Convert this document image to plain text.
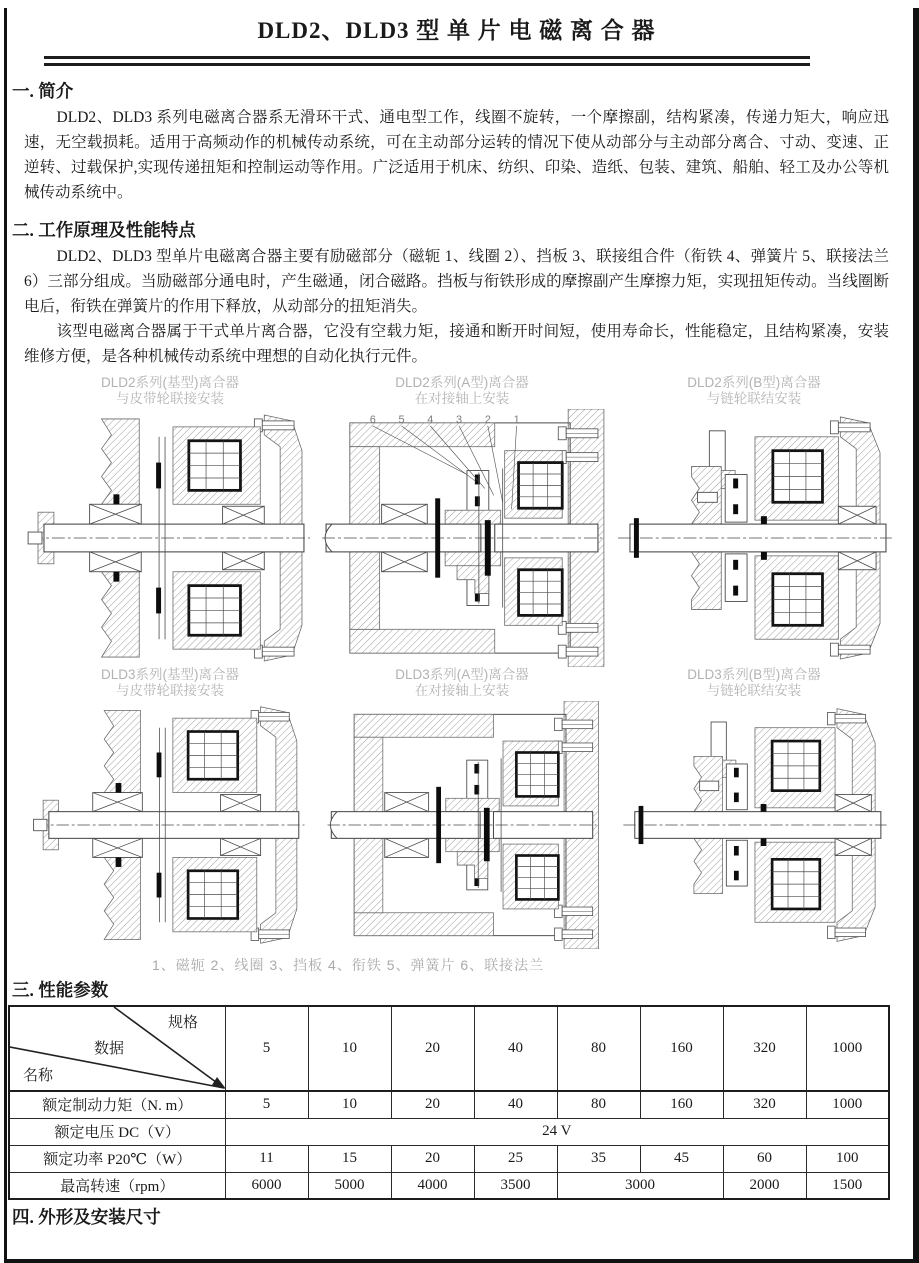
DLD2、DLD3 型 单 片 电 磁 离 合 器
一. 简介

DLD2、DLD3 系列电磁离合器系无滑环干式、通电型工作，线圈不旋转，一个摩擦副，结构紧凑，传递力矩大，响应迅速，无空载损耗。适用于高频动作的机械传动系统，可在主动部分运转的情况下使从动部分与主动部分离合、寸动、变速、正逆转、过载保护,实现传递扭矩和控制运动等作用。广泛适用于机床、纺织、印染、造纸、包装、建筑、船舶、轻工及办公等机械传动系统中。

二. 工作原理及性能特点

DLD2、DLD3 型单片电磁离合器主要有励磁部分（磁轭 1、线圈 2）、挡板 3、联接组合件（衔铁 4、弹簧片 5、联接法兰 6）三部分组成。当励磁部分通电时，产生磁通，闭合磁路。挡板与衔铁形成的摩擦副产生摩擦力矩，实现扭矩传动。当线圈断电后，衔铁在弹簧片的作用下释放，从动部分的扭矩消失。

该型电磁离合器属于干式单片离合器，它没有空载力矩，接通和断开时间短，使用寿命长，性能稳定，且结构紧凑，安装维修方便，是各种机械传动系统中理想的自动化执行元件。

DLD2系列(基型)离合器
与皮带轮联接安装
DLD2系列(A型)离合器
在对接轴上安装
6 5 4 3 2 1
DLD2系列(B型)离合器
与链轮联结安装
DLD3系列(基型)离合器
与皮带轮联接安装
DLD3系列(A型)离合器
在对接轴上安装
DLD3系列(B型)离合器
与链轮联结安装
1、磁轭 2、线圈 3、挡板 4、衔铁 5、弹簧片 6、联接法兰
三. 性能参数
规格
数据
名称	5	10	20	40	80	160	320	1000
额定制动力矩（N. m）	5	10	20	40	80	160	320	1000
额定电压 DC（V）	24 V							
额定功率 P20℃（W）	11	15	20	25	35	45	60	100
最高转速（rpm）	6000	5000	4000	3500	3000		2000	1500
四. 外形及安装尺寸
